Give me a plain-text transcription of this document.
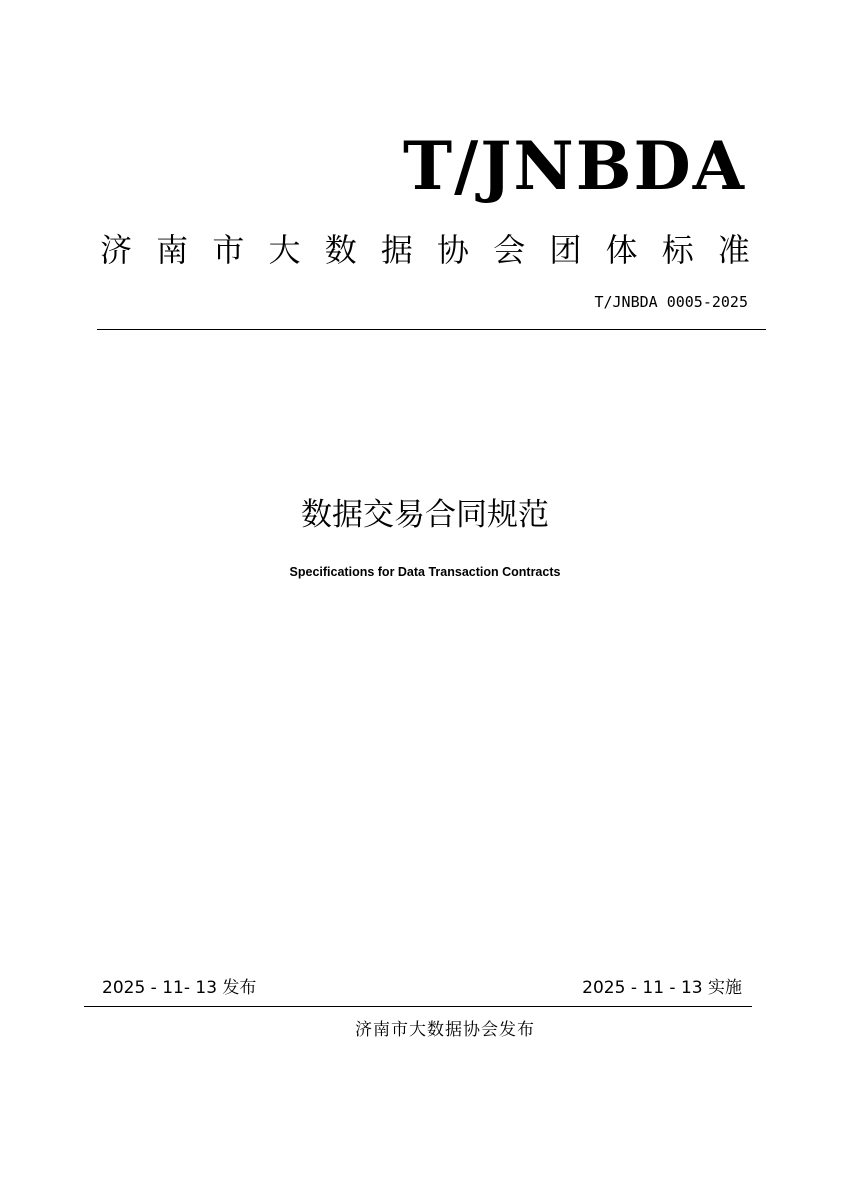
T/JNBDA
济 南 市 大 数 据 协 会 团 体 标 准
T/JNBDA 0005-2025
数据交易合同规范
Specifications for Data Transaction Contracts
2025 - 11- 13 发布	2025 - 11 - 13 实施
济南市大数据协会发布
